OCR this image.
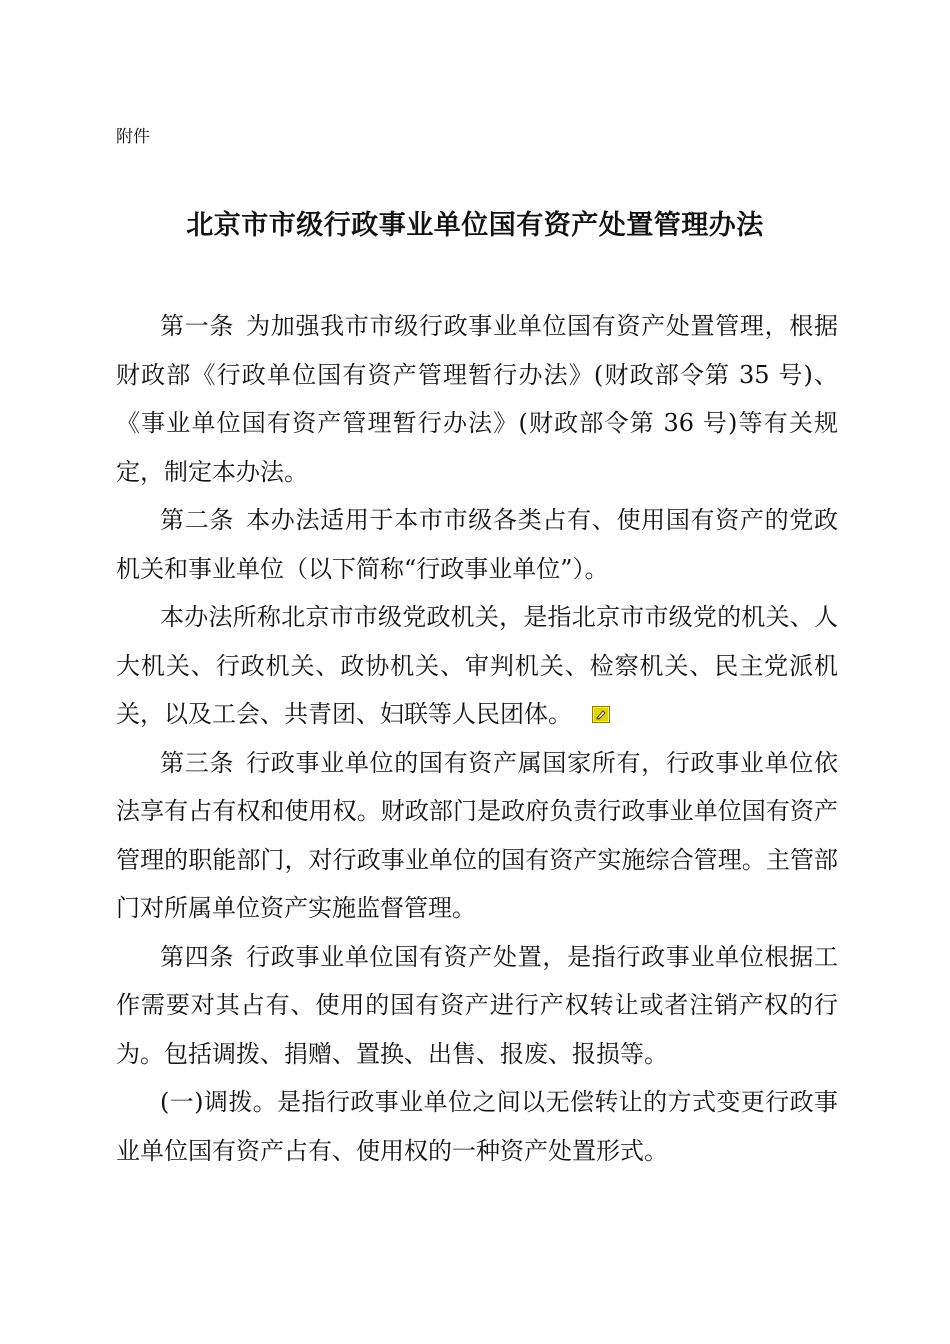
附件
北京市市级行政事业单位国有资产处置管理办法

第一条 为加强我市市级行政事业单位国有资产处置管理，根据财政部《行政单位国有资产管理暂行办法》(财政部令第 35 号)、《事业单位国有资产管理暂行办法》(财政部令第 36 号)等有关规定，制定本办法。

第二条 本办法适用于本市市级各类占有、使用国有资产的党政机关和事业单位（以下简称“行政事业单位”）。

本办法所称北京市市级党政机关，是指北京市市级党的机关、人大机关、行政机关、政协机关、审判机关、检察机关、民主党派机关，以及工会、共青团、妇联等人民团体。

第三条 行政事业单位的国有资产属国家所有，行政事业单位依法享有占有权和使用权。财政部门是政府负责行政事业单位国有资产管理的职能部门，对行政事业单位的国有资产实施综合管理。主管部门对所属单位资产实施监督管理。

第四条 行政事业单位国有资产处置，是指行政事业单位根据工作需要对其占有、使用的国有资产进行产权转让或者注销产权的行为。包括调拨、捐赠、置换、出售、报废、报损等。

(一)调拨。是指行政事业单位之间以无偿转让的方式变更行政事业单位国有资产占有、使用权的一种资产处置形式。
